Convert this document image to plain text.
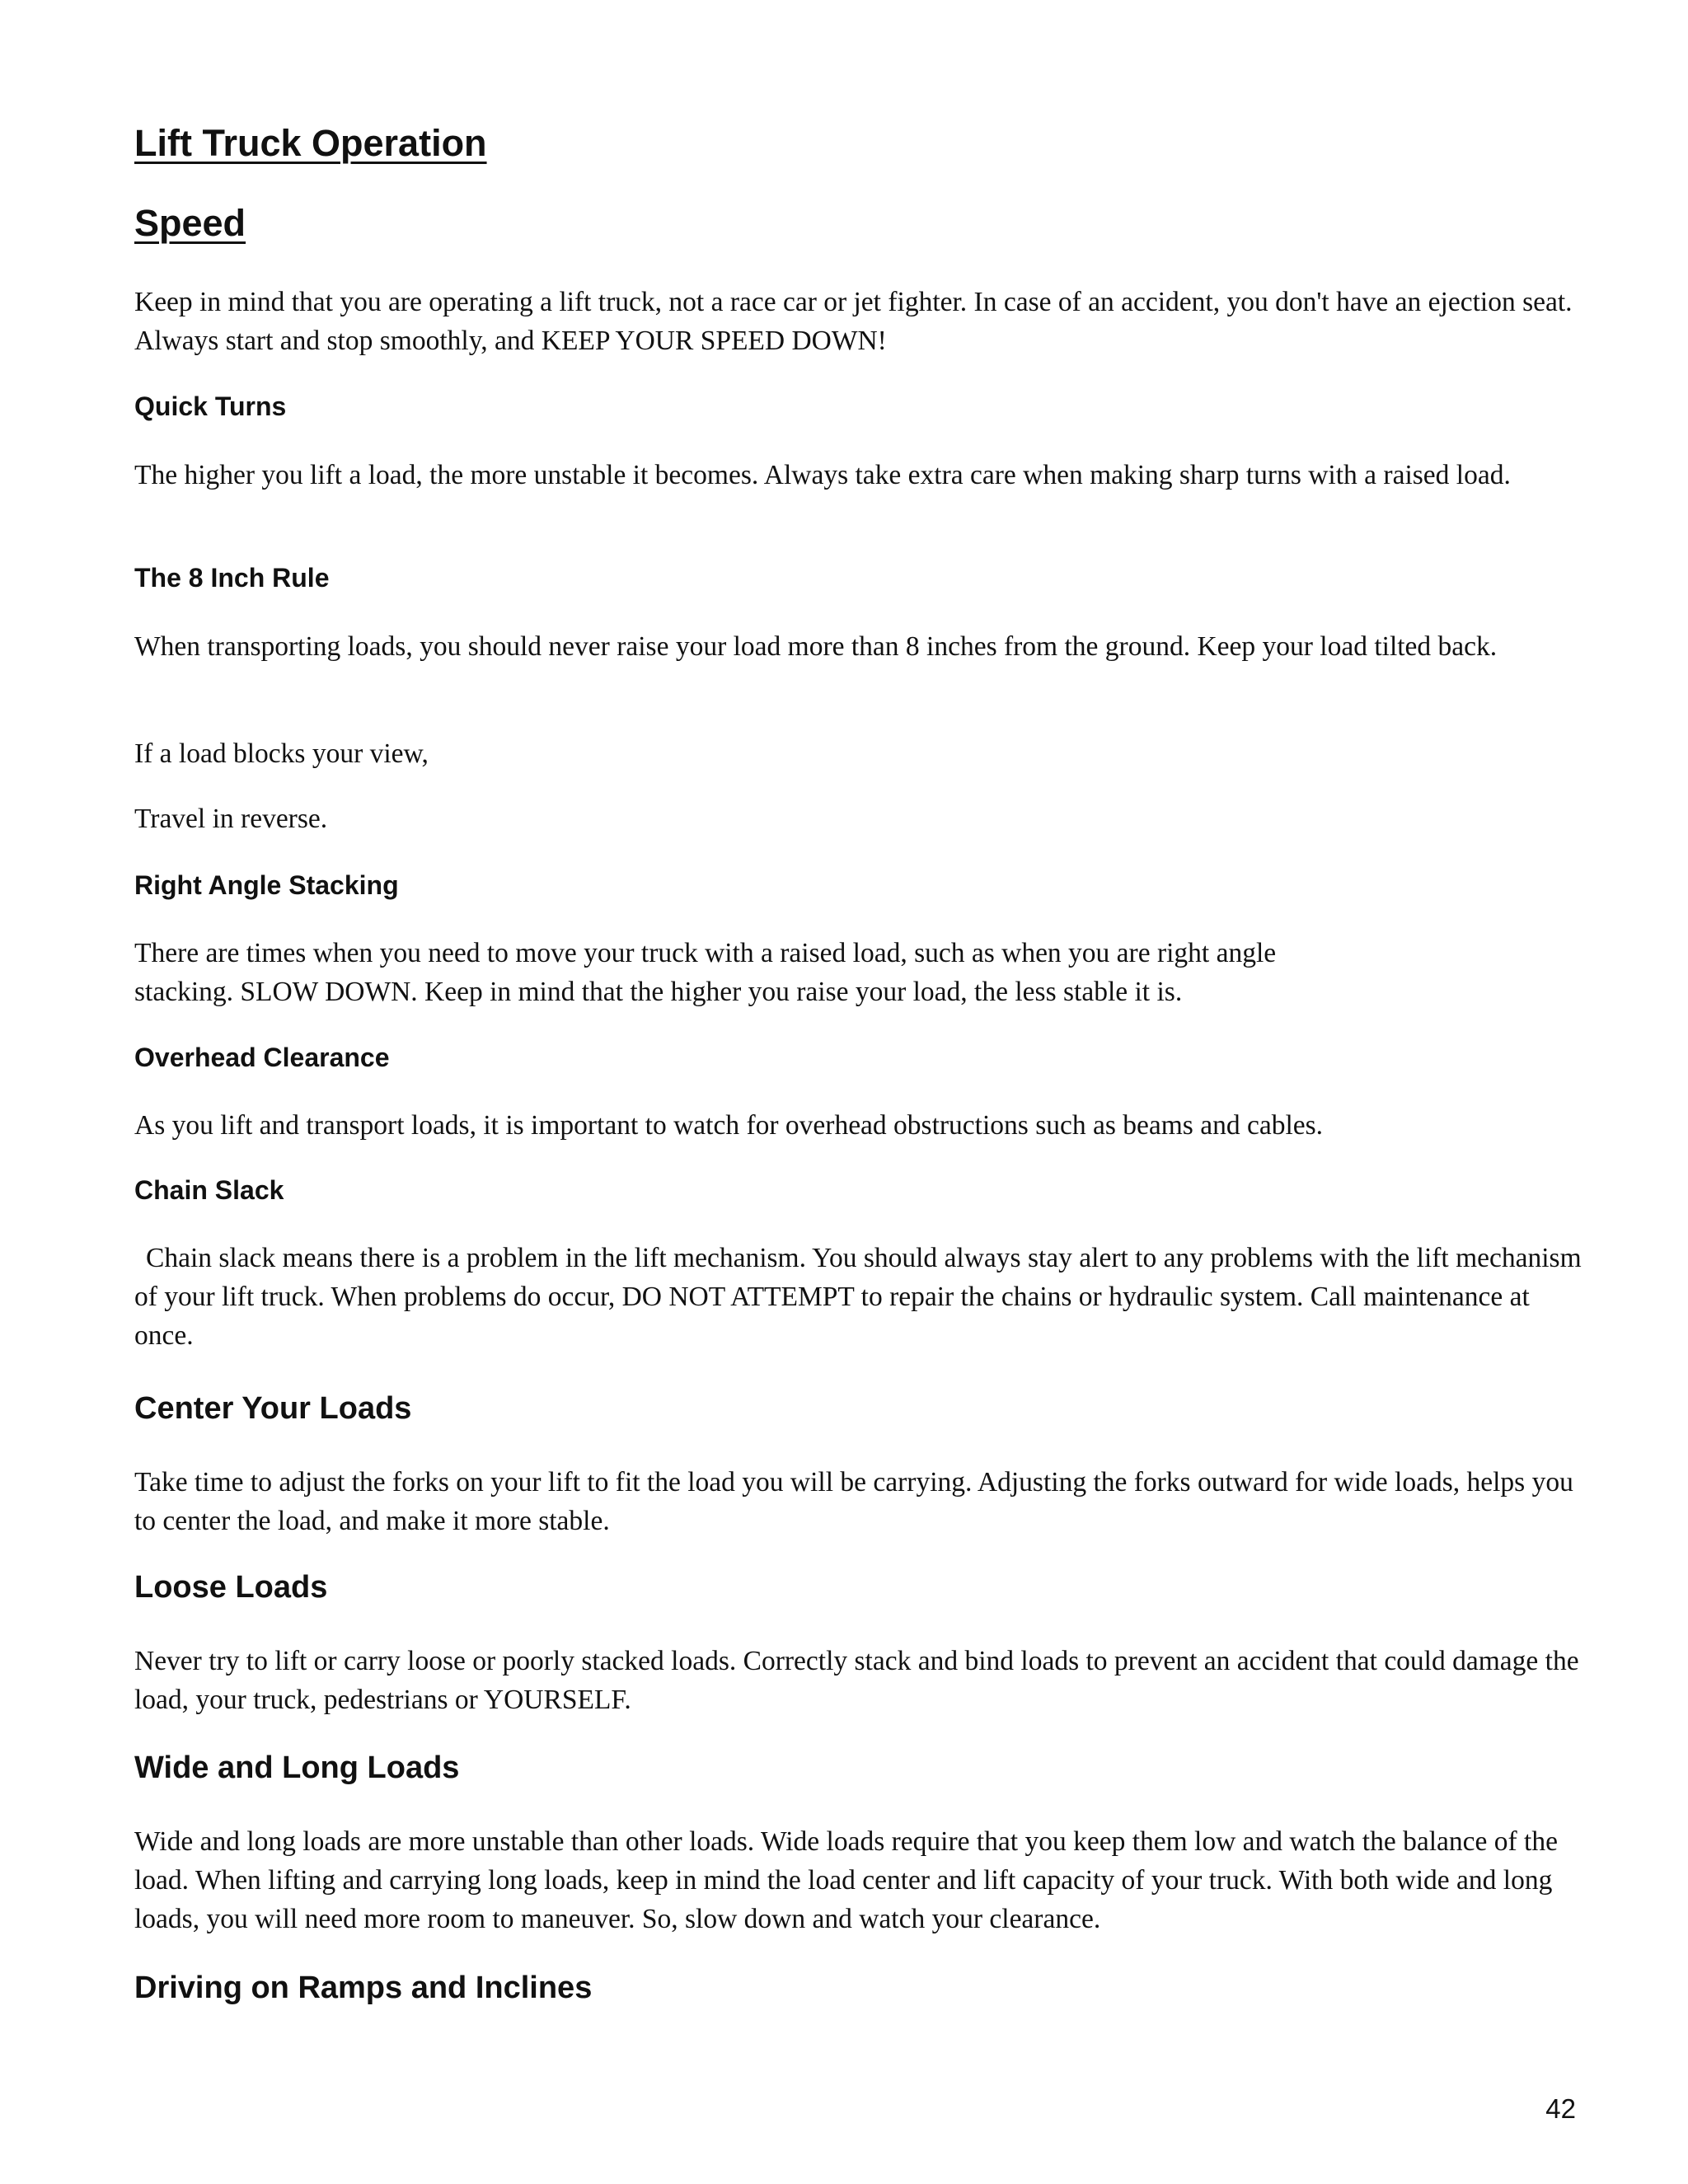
Lift Truck Operation
Speed

Keep in mind that you are operating a lift truck, not a race car or jet fighter. In case of an accident, you don't have an ejection seat. Always start and stop smoothly, and KEEP YOUR SPEED DOWN!

Quick Turns

The higher you lift a load, the more unstable it becomes. Always take extra care when making sharp turns with a raised load.

The 8 Inch Rule

When transporting loads, you should never raise your load more than 8 inches from the ground. Keep your load tilted back.

If a load blocks your view,

Travel in reverse.

Right Angle Stacking

There are times when you need to move your truck with a raised load, such as when you are right angle

stacking. SLOW DOWN. Keep in mind that the higher you raise your load, the less stable it is.

Overhead Clearance

As you lift and transport loads, it is important to watch for overhead obstructions such as beams and cables.

Chain Slack

Chain slack means there is a problem in the lift mechanism. You should always stay alert to any problems with the lift mechanism of your lift truck. When problems do occur, DO NOT ATTEMPT to repair the chains or hydraulic system. Call maintenance at once.

Center Your Loads

Take time to adjust the forks on your lift to fit the load you will be carrying. Adjusting the forks outward for wide loads, helps you to center the load, and make it more stable.

Loose Loads

Never try to lift or carry loose or poorly stacked loads. Correctly stack and bind loads to prevent an accident that could damage the load, your truck, pedestrians or YOURSELF.

Wide and Long Loads

Wide and long loads are more unstable than other loads. Wide loads require that you keep them low and watch the balance of the load. When lifting and carrying long loads, keep in mind the load center and lift capacity of your truck. With both wide and long loads, you will need more room to maneuver. So, slow down and watch your clearance.

Driving on Ramps and Inclines
42
